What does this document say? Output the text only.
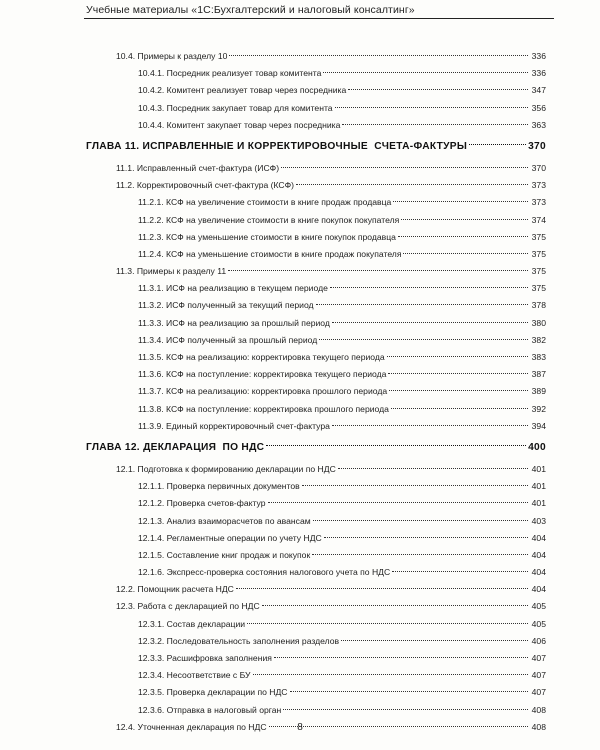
Учебные материалы «1С:Бухгалтерский и налоговый консалтинг»
10.4. Примеры к разделу 10	336
10.4.1. Посредник реализует товар комитента	336
10.4.2. Комитент реализует товар через посредника	347
10.4.3. Посредник закупает товар для комитента	356
10.4.4. Комитент закупает товар через посредника	363
ГЛАВА 11. ИСПРАВЛЕННЫЕ И КОРРЕКТИРОВОЧНЫЕ  СЧЕТА-ФАКТУРЫ	370
11.1. Исправленный счет-фактура (ИСФ)	370
11.2. Корректировочный счет-фактура (КСФ)	373
11.2.1. КСФ на увеличение стоимости в книге продаж продавца	373
11.2.2. КСФ на увеличение стоимости в книге покупок покупателя	374
11.2.3. КСФ на уменьшение стоимости в книге покупок продавца	375
11.2.4. КСФ на уменьшение стоимости в книге продаж покупателя	375
11.3. Примеры к разделу 11	375
11.3.1. ИСФ на реализацию в текущем периоде	375
11.3.2. ИСФ полученный за текущий период	378
11.3.3. ИСФ на реализацию за прошлый период	380
11.3.4. ИСФ полученный за прошлый период	382
11.3.5. КСФ на реализацию: корректировка текущего периода	383
11.3.6. КСФ на поступление: корректировка текущего периода	387
11.3.7. КСФ на реализацию: корректировка прошлого периода	389
11.3.8. КСФ на поступление: корректировка прошлого периода	392
11.3.9. Единый корректировочный счет-фактура	394
ГЛАВА 12. ДЕКЛАРАЦИЯ  ПО НДС	400
12.1. Подготовка к формированию декларации по НДС	401
12.1.1. Проверка первичных документов	401
12.1.2. Проверка счетов-фактур	401
12.1.3. Анализ взаиморасчетов по авансам	403
12.1.4. Регламентные операции по учету НДС	404
12.1.5. Составление книг продаж и покупок	404
12.1.6. Экспресс-проверка состояния налогового учета по НДС	404
12.2. Помощник расчета НДС	404
12.3. Работа с декларацией по НДС	405
12.3.1. Состав декларации	405
12.3.2. Последовательность заполнения разделов	406
12.3.3. Расшифровка заполнения	407
12.3.4. Несоответствие с БУ	407
12.3.5. Проверка декларации по НДС	407
12.3.6. Отправка в налоговый орган	408
12.4. Уточненная декларация по НДС	408
8
